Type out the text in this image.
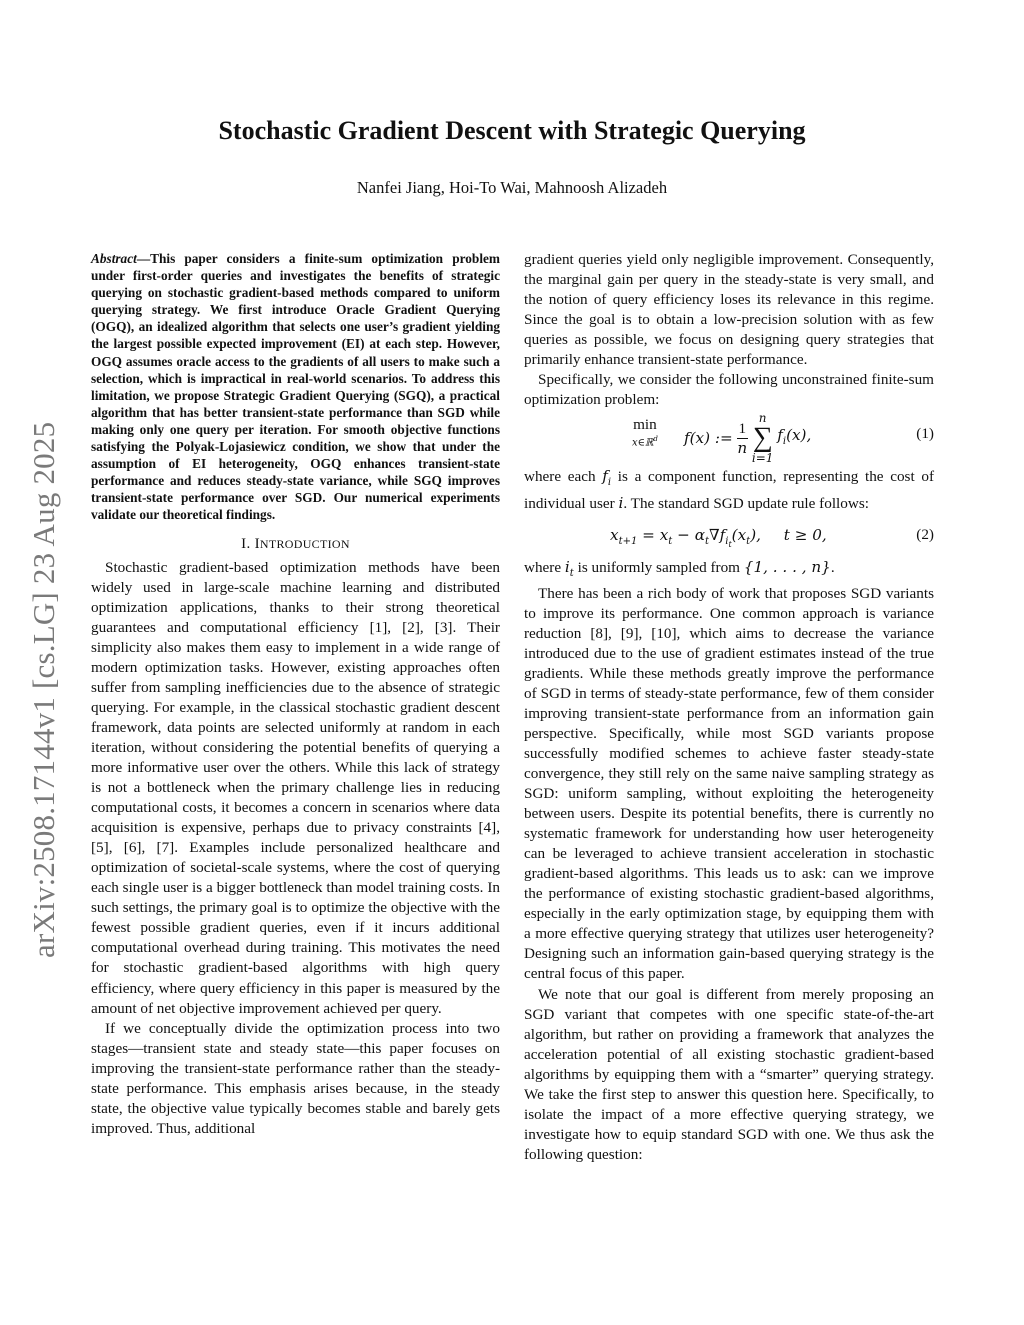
Stochastic Gradient Descent with Strategic Querying
Nanfei Jiang, Hoi-To Wai, Mahnoosh Alizadeh
arXiv:2508.17144v1 [cs.LG] 23 Aug 2025
Abstract—This paper considers a finite-sum optimization problem under first-order queries and investigates the benefits of strategic querying on stochastic gradient-based methods compared to uniform querying strategy. We first introduce Oracle Gradient Querying (OGQ), an idealized algorithm that selects one user’s gradient yielding the largest possible expected improvement (EI) at each step. However, OGQ assumes oracle access to the gradients of all users to make such a selection, which is impractical in real-world scenarios. To address this limitation, we propose Strategic Gradient Querying (SGQ), a practical algorithm that has better transient-state performance than SGD while making only one query per iteration. For smooth objective functions satisfying the Polyak-Lojasiewicz condition, we show that under the assumption of EI heterogeneity, OGQ enhances transient-state performance and reduces steady-state variance, while SGQ improves transient-state performance over SGD. Our numerical experiments validate our theoretical findings.
I. INTRODUCTION

Stochastic gradient-based optimization methods have been widely used in large-scale machine learning and distributed optimization applications, thanks to their strong theoretical guarantees and computational efficiency [1], [2], [3]. Their simplicity also makes them easy to implement in a wide range of modern optimization tasks. However, existing approaches often suffer from sampling inefficiencies due to the absence of strategic querying. For example, in the classical stochastic gradient descent framework, data points are selected uniformly at random in each iteration, without considering the potential benefits of querying a more informative user over the others. While this lack of strategy is not a bottleneck when the primary challenge lies in reducing computational costs, it becomes a concern in scenarios where data acquisition is expensive, perhaps due to privacy constraints [4], [5], [6], [7]. Examples include personalized healthcare and optimization of societal-scale systems, where the cost of querying each single user is a bigger bottleneck than model training costs. In such settings, the primary goal is to optimize the objective with the fewest possible gradient queries, even if it incurs additional computational overhead during training. This motivates the need for stochastic gradient-based algorithms with high query efficiency, where query efficiency in this paper is measured by the amount of net objective improvement achieved per query.

If we conceptually divide the optimization process into two stages—transient state and steady state—this paper focuses on improving the transient-state performance rather than the steady-state performance. This emphasis arises because, in the steady state, the objective value typically becomes stable and barely gets improved. Thus, additional

gradient queries yield only negligible improvement. Consequently, the marginal gain per query in the steady-state is very small, and the notion of query efficiency loses its relevance in this regime. Since the goal is to obtain a low-precision solution with as few queries as possible, we focus on designing query strategies that primarily enhance transient-state performance.

Specifically, we consider the following unconstrained finite-sum optimization problem:

min
x∈ℝ$^d$ f(x) := $\frac{1}{n}$

n
∑
i=1
$f_i(x)$,	(1)

where each $f_i$ is a component function, representing the cost of individual user i. The standard SGD update rule follows:

$x_{t+1} = x_t - \alpha_t\nabla f_{i_t}(x_t)$, t ≥ 0,	(2)

where $i_t$ is uniformly sampled from {1, . . . , n}.

There has been a rich body of work that proposes SGD variants to improve its performance. One common approach is variance reduction [8], [9], [10], which aims to decrease the variance introduced due to the use of gradient estimates instead of the true gradients. While these methods greatly improve the performance of SGD in terms of steady-state performance, few of them consider improving transient-state performance from an information gain perspective. Specifically, while most SGD variants propose successfully modified schemes to achieve faster steady-state convergence, they still rely on the same naive sampling strategy as SGD: uniform sampling, without exploiting the heterogeneity between users. Despite its potential benefits, there is currently no systematic framework for understanding how user heterogeneity can be leveraged to achieve transient acceleration in stochastic gradient-based algorithms. This leads us to ask: can we improve the performance of existing stochastic gradient-based algorithms, especially in the early optimization stage, by equipping them with a more effective querying strategy that utilizes user heterogeneity? Designing such an information gain-based querying strategy is the central focus of this paper.

We note that our goal is different from merely proposing an SGD variant that competes with one specific state-of-the-art algorithm, but rather on providing a framework that analyzes the acceleration potential of all existing stochastic gradient-based algorithms by equipping them with a “smarter” querying strategy. We take the first step to answer this question here. Specifically, to isolate the impact of a more effective querying strategy, we investigate how to equip standard SGD with one. We thus ask the following question:
